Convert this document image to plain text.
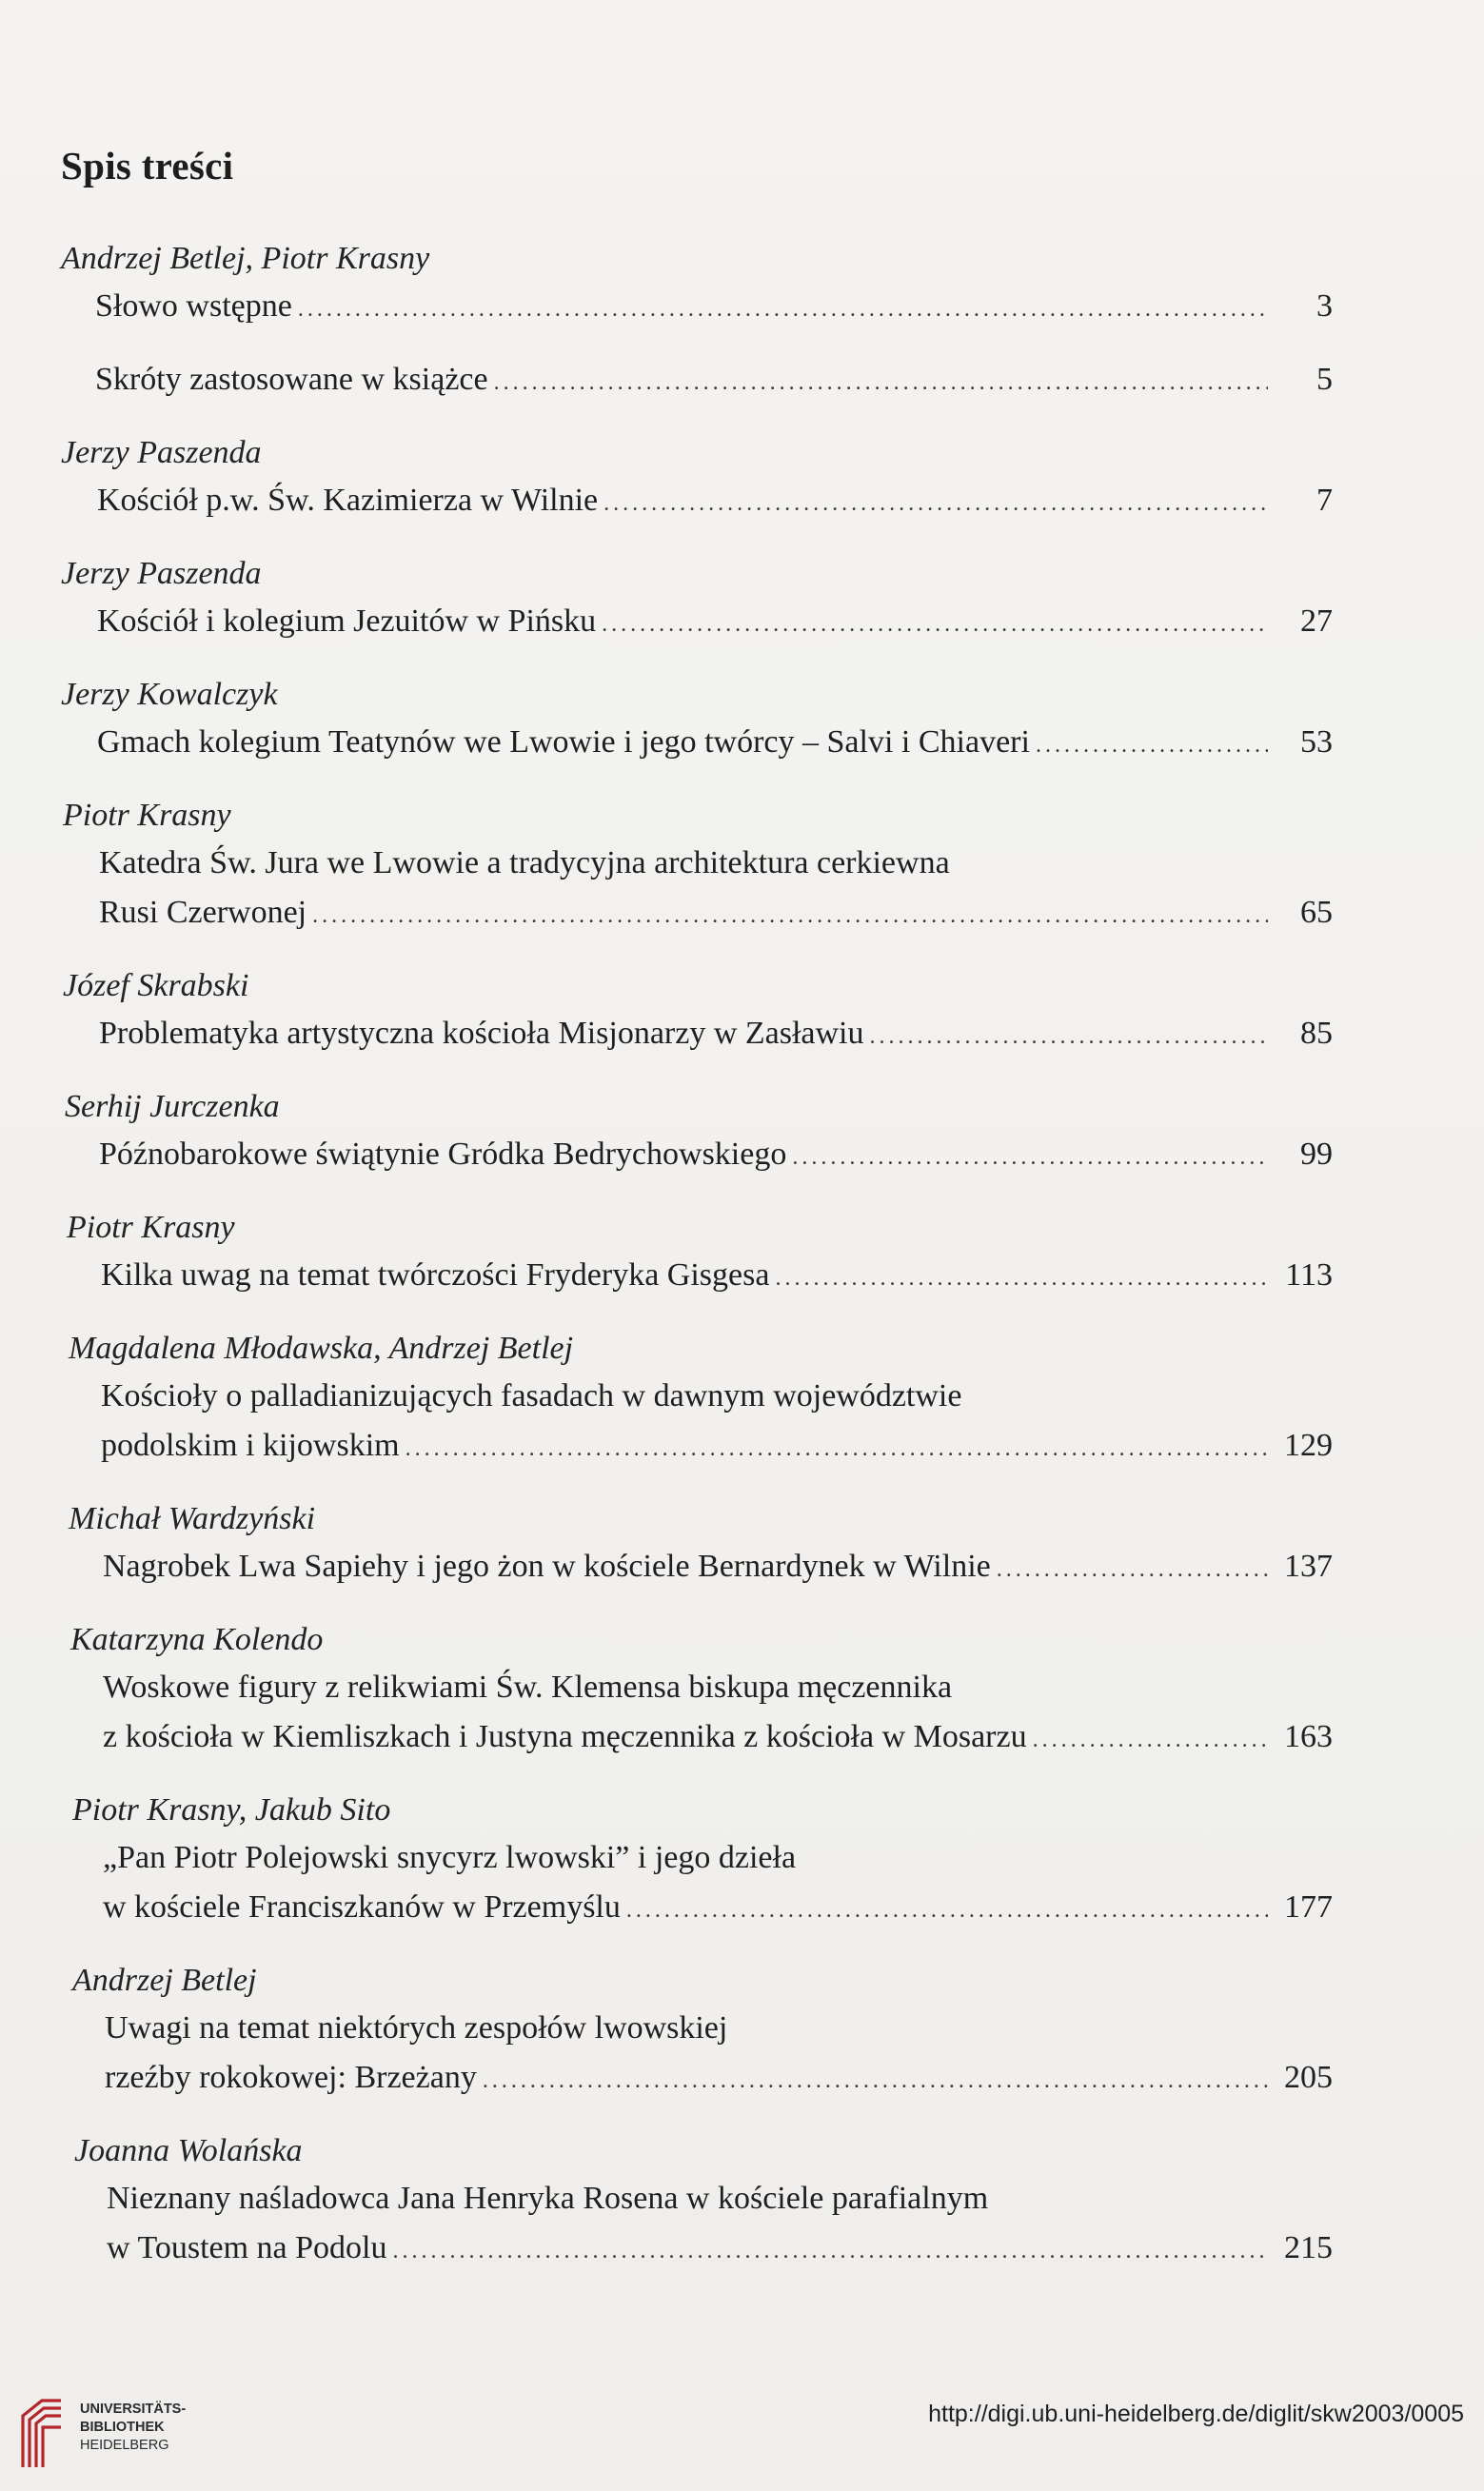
Spis treści
Andrzej Betlej, Piotr Krasny
Słowo wstępne . . .	3
Skróty zastosowane w książce . . .	5
Jerzy Paszenda
Kościół p.w. Św. Kazimierza w Wilnie . . .	7
Jerzy Paszenda
Kościół i kolegium Jezuitów w Pińsku . . .	27
Jerzy Kowalczyk
Gmach kolegium Teatynów we Lwowie i jego twórcy – Salvi i Chiaveri . . .	53
Piotr Krasny
Katedra Św. Jura we Lwowie a tradycyjna architektura cerkiewna
Rusi Czerwonej . . .	65
Józef Skrabski
Problematyka artystyczna kościoła Misjonarzy w Zasławiu . . .	85
Serhij Jurczenka
Późnobarokowe świątynie Gródka Bedrychowskiego . . .	99
Piotr Krasny
Kilka uwag na temat twórczości Fryderyka Gisgesa . . .	113
Magdalena Młodawska, Andrzej Betlej
Kościoły o palladianizujących fasadach w dawnym województwie
podolskim i kijowskim . . .	129
Michał Wardzyński
Nagrobek Lwa Sapiehy i jego żon w kościele Bernardynek w Wilnie . . .	137
Katarzyna Kolendo
Woskowe figury z relikwiami Św. Klemensa biskupa męczennika
z kościoła w Kiemliszkach i Justyna męczennika z kościoła w Mosarzu . . .	163
Piotr Krasny, Jakub Sito
„Pan Piotr Polejowski snycyrz lwowski” i jego dzieła
w kościele Franciszkanów w Przemyślu . . .	177
Andrzej Betlej
Uwagi na temat niektórych zespołów lwowskiej
rzeźby rokokowej: Brzeżany . . .	205
Joanna Wolańska
Nieznany naśladowca Jana Henryka Rosena w kościele parafialnym
w Toustem na Podolu . . .	215
UNIVERSITÄTS-
BIBLIOTHEK
HEIDELBERG
http://digi.ub.uni-heidelberg.de/diglit/skw2003/0005
